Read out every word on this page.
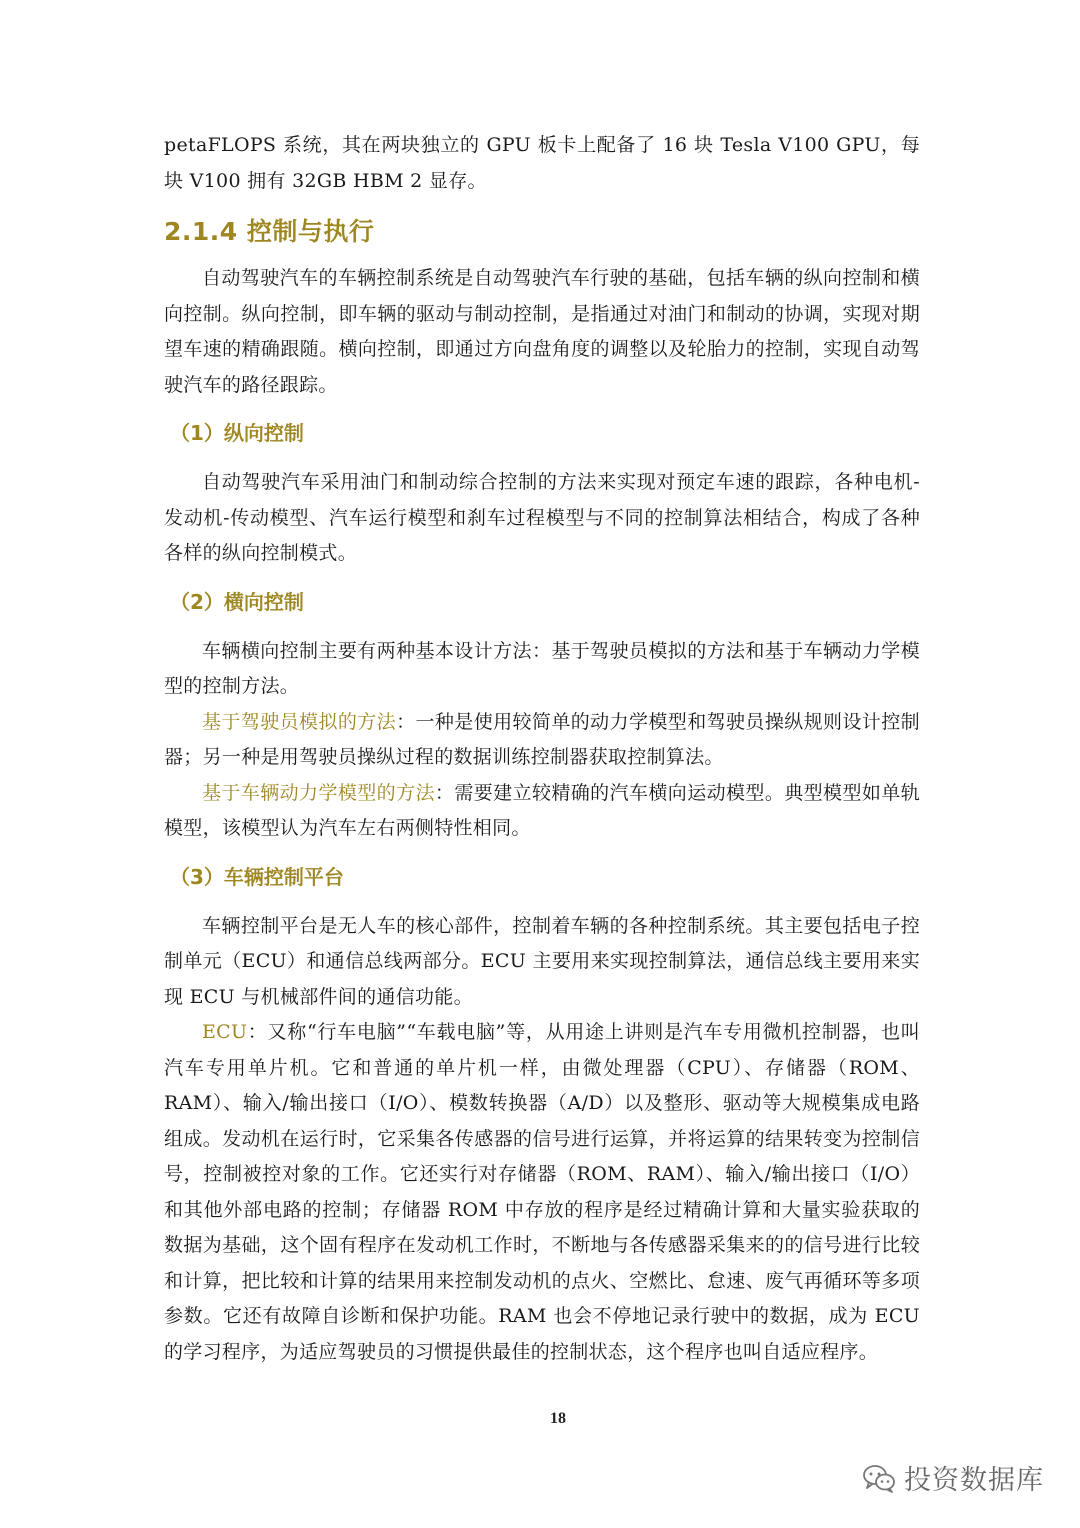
petaFLOPS 系统，其在两块独立的 GPU 板卡上配备了 16 块 Tesla V100 GPU，每块 V100 拥有 32GB HBM 2 显存。

2.1.4 控制与执行

自动驾驶汽车的车辆控制系统是自动驾驶汽车行驶的基础，包括车辆的纵向控制和横向控制。纵向控制，即车辆的驱动与制动控制，是指通过对油门和制动的协调，实现对期望车速的精确跟随。横向控制，即通过方向盘角度的调整以及轮胎力的控制，实现自动驾驶汽车的路径跟踪。

（1）纵向控制

自动驾驶汽车采用油门和制动综合控制的方法来实现对预定车速的跟踪，各种电机-发动机-传动模型、汽车运行模型和刹车过程模型与不同的控制算法相结合，构成了各种各样的纵向控制模式。

（2）横向控制

车辆横向控制主要有两种基本设计方法：基于驾驶员模拟的方法和基于车辆动力学模型的控制方法。

基于驾驶员模拟的方法：一种是使用较简单的动力学模型和驾驶员操纵规则设计控制器；另一种是用驾驶员操纵过程的数据训练控制器获取控制算法。

基于车辆动力学模型的方法：需要建立较精确的汽车横向运动模型。典型模型如单轨模型，该模型认为汽车左右两侧特性相同。

（3）车辆控制平台

车辆控制平台是无人车的核心部件，控制着车辆的各种控制系统。其主要包括电子控制单元（ECU）和通信总线两部分。ECU 主要用来实现控制算法，通信总线主要用来实现 ECU 与机械部件间的通信功能。

ECU：又称“行车电脑”“车载电脑”等，从用途上讲则是汽车专用微机控制器，也叫汽车专用单片机。它和普通的单片机一样，由微处理器（CPU）、存储器（ROM、RAM）、输入/输出接口（I/O）、模数转换器（A/D）以及整形、驱动等大规模集成电路组成。发动机在运行时，它采集各传感器的信号进行运算，并将运算的结果转变为控制信号，控制被控对象的工作。它还实行对存储器（ROM、RAM）、输入/输出接口（I/O）和其他外部电路的控制；存储器 ROM 中存放的程序是经过精确计算和大量实验获取的数据为基础，这个固有程序在发动机工作时，不断地与各传感器采集来的的信号进行比较和计算，把比较和计算的结果用来控制发动机的点火、空燃比、怠速、废气再循环等多项参数。它还有故障自诊断和保护功能。RAM 也会不停地记录行驶中的数据，成为 ECU 的学习程序，为适应驾驶员的习惯提供最佳的控制状态，这个程序也叫自适应程序。

18
投资数据库
